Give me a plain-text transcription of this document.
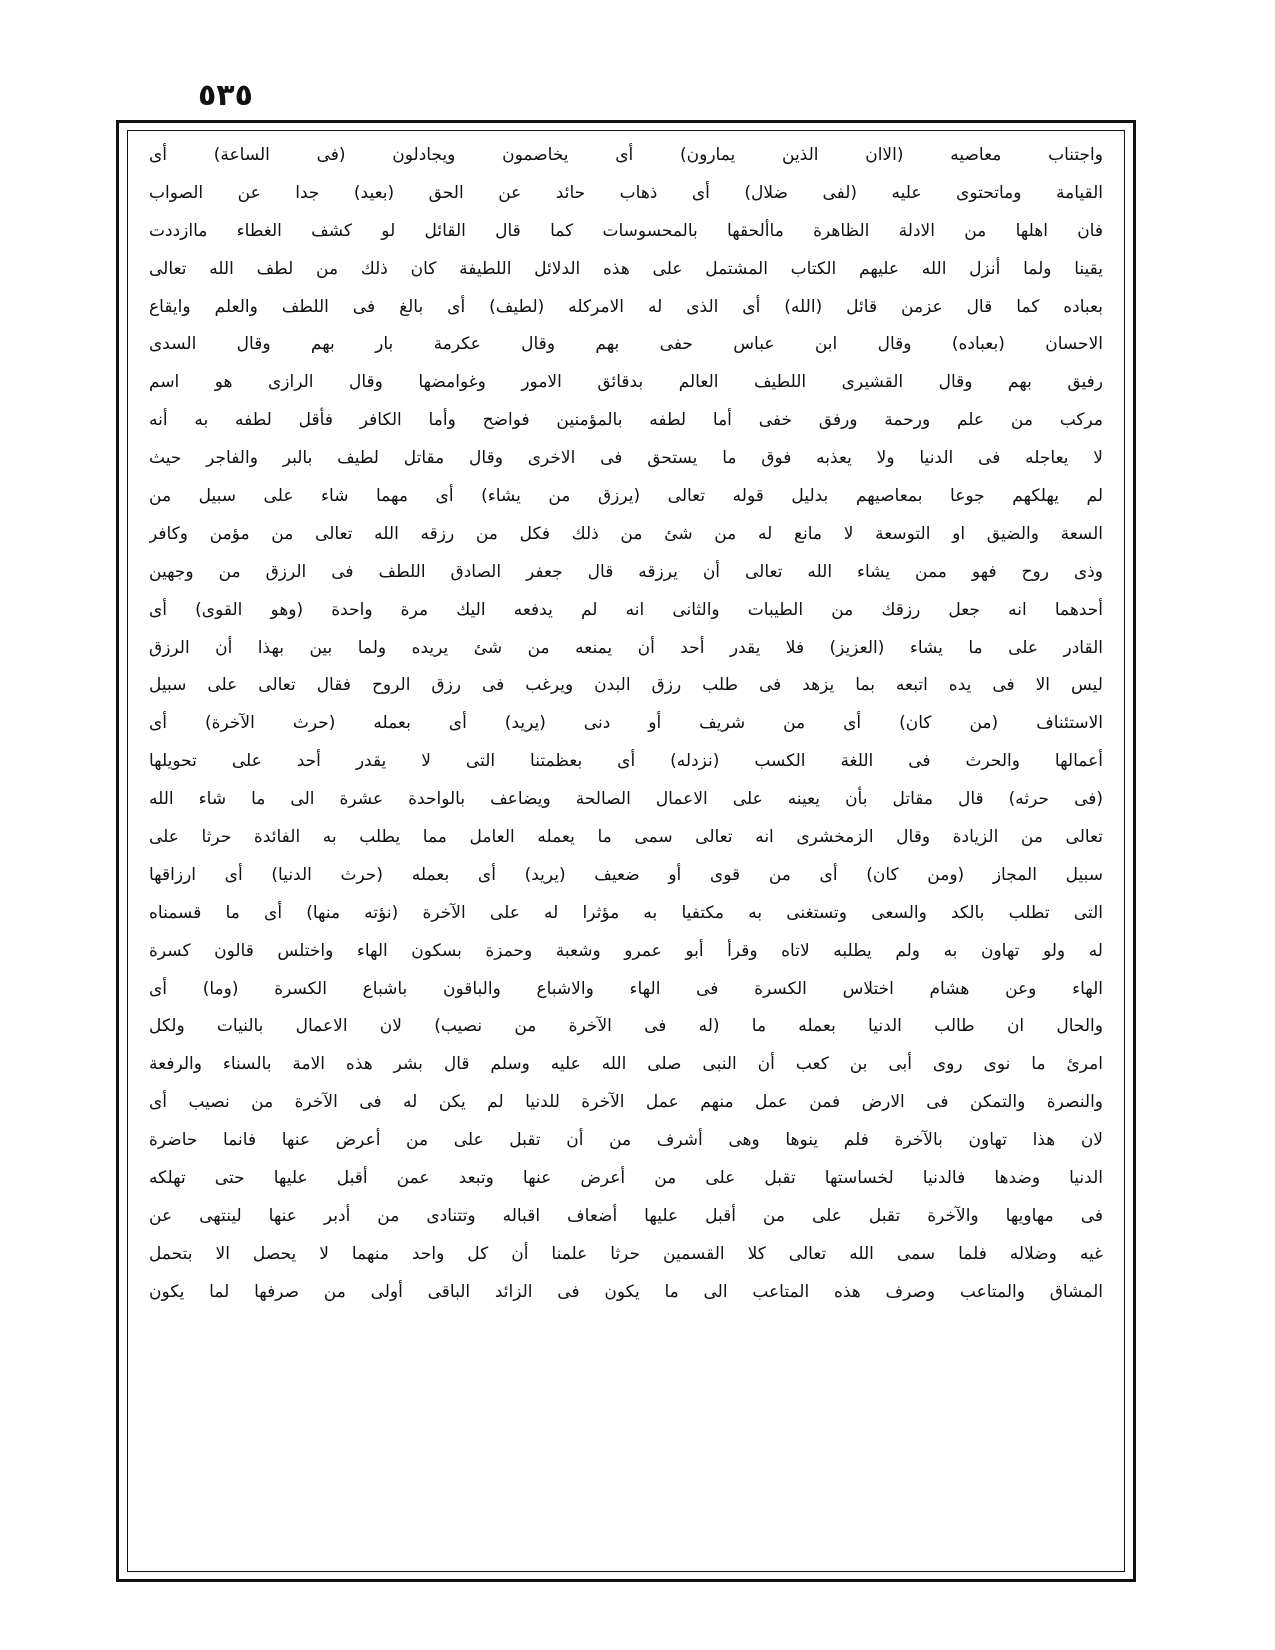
٥٣٥
واجتناب معاصيه (الاان الذين يمارون) أى يخاصمون ويجادلون (فى الساعة) أى
القيامة وماتحتوى عليه (لفى ضلال) أى ذهاب حائد عن الحق (بعيد) جدا عن الصواب
فان اهلها من الادلة الظاهرة ماألحقها بالمحسوسات كما قال القائل لو كشف الغطاء ماازددت
يقينا ولما أنزل الله عليهم الكتاب المشتمل على هذه الدلائل اللطيفة كان ذلك من لطف الله تعالى
بعباده كما قال عزمن قائل (الله) أى الذى له الامركله (لطيف) أى بالغ فى اللطف والعلم وايقاع
الاحسان (بعباده) وقال ابن عباس حفى بهم وقال عكرمة بار بهم وقال السدى
رفيق بهم وقال القشيرى اللطيف العالم بدقائق الامور وغوامضها وقال الرازى هو اسم
مركب من علم ورحمة ورفق خفى أما لطفه بالمؤمنين فواضح وأما الكافر فأقل لطفه به أنه
لا يعاجله فى الدنيا ولا يعذبه فوق ما يستحق فى الاخرى وقال مقاتل لطيف بالبر والفاجر حيث
لم يهلكهم جوعا بمعاصيهم بدليل قوله تعالى (يرزق من يشاء) أى مهما شاء على سبيل من
السعة والضيق او التوسعة لا مانع له من شئ من ذلك فكل من رزقه الله تعالى من مؤمن وكافر
وذى روح فهو ممن يشاء الله تعالى أن يرزقه قال جعفر الصادق اللطف فى الرزق من وجهين
أحدهما انه جعل رزقك من الطيبات والثانى انه لم يدفعه اليك مرة واحدة (وهو القوى) أى
القادر على ما يشاء (العزيز) فلا يقدر أحد أن يمنعه من شئ يريده ولما بين بهذا أن الرزق
ليس الا فى يده اتبعه بما يزهد فى طلب رزق البدن ويرغب فى رزق الروح فقال تعالى على سبيل
الاستئناف (من كان) أى من شريف أو دنى (يريد) أى بعمله (حرث الآخرة) أى
أعمالها والحرث فى اللغة الكسب (نزدله) أى بعظمتنا التى لا يقدر أحد على تحويلها
(فى حرثه) قال مقاتل بأن يعينه على الاعمال الصالحة ويضاعف بالواحدة عشرة الى ما شاء الله
تعالى من الزيادة وقال الزمخشرى انه تعالى سمى ما يعمله العامل مما يطلب به الفائدة حرثا على
سبيل المجاز (ومن كان) أى من قوى أو ضعيف (يريد) أى بعمله (حرث الدنيا) أى ارزاقها
التى تطلب بالكد والسعى وتستغنى به مكتفيا به مؤثرا له على الآخرة (نؤته منها) أى ما قسمناه
له ولو تهاون به ولم يطلبه لاتاه وقرأ أبو عمرو وشعبة وحمزة بسكون الهاء واختلس قالون كسرة
الهاء وعن هشام اختلاس الكسرة فى الهاء والاشباع والباقون باشباع الكسرة (وما) أى
والحال ان طالب الدنيا بعمله ما (له فى الآخرة من نصيب) لان الاعمال بالنيات ولكل
امرئ ما نوى روى أبى بن كعب أن النبى صلى الله عليه وسلم قال بشر هذه الامة بالسناء والرفعة
والنصرة والتمكن فى الارض فمن عمل منهم عمل الآخرة للدنيا لم يكن له فى الآخرة من نصيب أى
لان هذا تهاون بالآخرة فلم ينوها وهى أشرف من أن تقبل على من أعرض عنها فانما حاضرة
الدنيا وضدها فالدنيا لخساستها تقبل على من أعرض عنها وتبعد عمن أقبل عليها حتى تهلكه
فى مهاويها والآخرة تقبل على من أقبل عليها أضعاف اقباله وتتنادى من أدبر عنها لينتهى عن
غيه وضلاله فلما سمى الله تعالى كلا القسمين حرثا علمنا أن كل واحد منهما لا يحصل الا بتحمل
المشاق والمتاعب وصرف هذه المتاعب الى ما يكون فى الزائد الباقى أولى من صرفها لما يكون
